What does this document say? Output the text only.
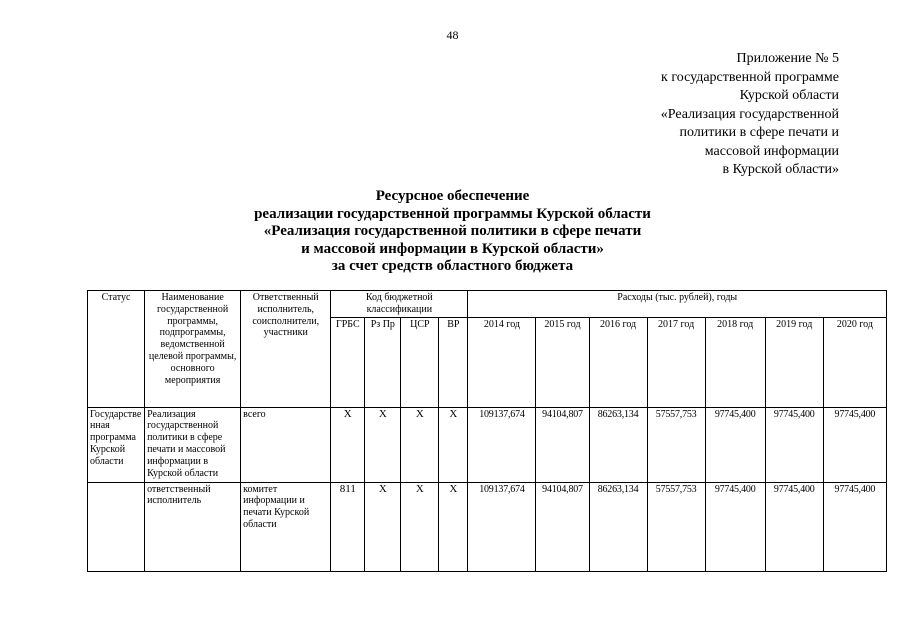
48
Приложение № 5
к государственной программе
Курской области
«Реализация государственной
политики в сфере печати и
массовой информации
в Курской области»
Ресурсное обеспечение
реализации государственной программы Курской области
«Реализация государственной политики в сфере печати
и массовой информации в Курской области»
за счет средств областного бюджета
Статус	Наименование государственной программы, подпрограммы, ведомственной целевой программы, основного мероприятия	Ответственный исполнитель, соисполнители, участники	Код бюджетной классификации				Расходы (тыс. рублей), годы						
			ГРБС	Рз Пр	ЦСР	ВР	2014 год	2015 год	2016 год	2017 год	2018 год	2019 год	2020 год
Государственная программа Курской области	Реализация государственной политики в сфере печати и массовой информации в Курской области	всего	X	X	X	X	109137,674	94104,807	86263,134	57557,753	97745,400	97745,400	97745,400
	ответственный исполнитель	комитет информации и печати Курской области	811	X	X	X	109137,674	94104,807	86263,134	57557,753	97745,400	97745,400	97745,400
